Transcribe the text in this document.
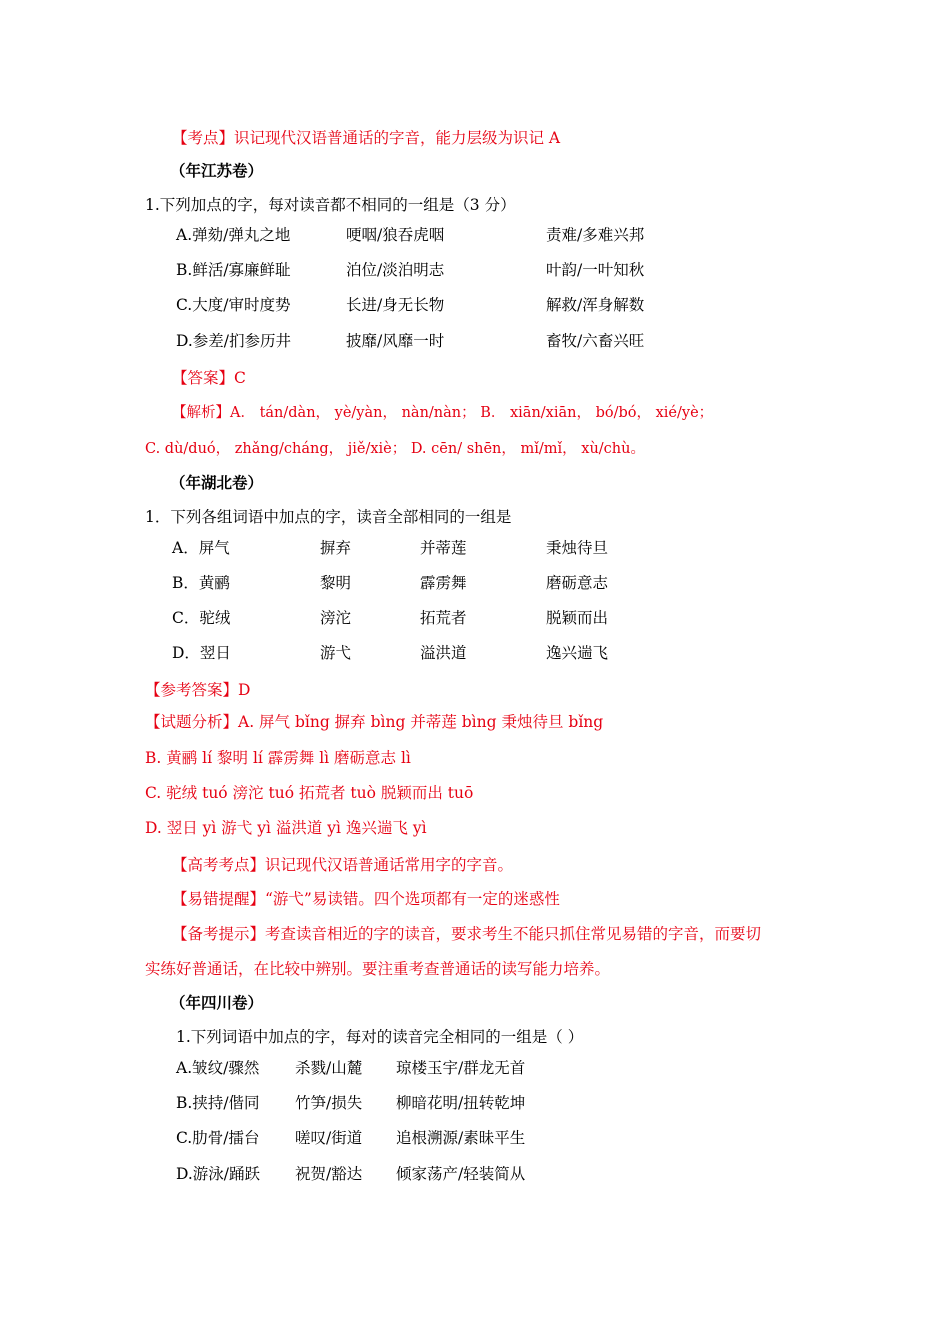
【考点】识记现代汉语普通话的字音，能力层级为识记 A
（年江苏卷）
1.下列加点的字，每对读音都不相同的一组是（3 分）
A.弹劾/弹丸之地	哽咽/狼吞虎咽	责难/多难兴邦
B.鲜活/寡廉鲜耻	泊位/淡泊明志	叶韵/一叶知秋
C.大度/审时度势	长进/身无长物	解救/浑身解数
D.参差/扪参历井	披靡/风靡一时	畜牧/六畜兴旺
【答案】C
【解析】A． tán/dàn， yè/yàn， nàn/nàn； B． xiān/xiān， bó/bó， xié/yè；
C. dù/duó， zhǎng/cháng， jiě/xiè； D. cēn/ shēn， mǐ/mǐ， xù/chù。
（年湖北卷）
1．下列各组词语中加点的字，读音全部相同的一组是
A．屏气	摒弃	并蒂莲	秉烛待旦
B．黄鹂	黎明	霹雳舞	磨砺意志
C．驼绒	滂沱	拓荒者	脱颖而出
D．翌日	游弋	溢洪道	逸兴遄飞
【参考答案】D
【试题分析】A. 屏气 bǐng 摒弃 bìng 并蒂莲 bìng 秉烛待旦 bǐng
B. 黄鹂 lí 黎明 lí 霹雳舞 lì 磨砺意志 lì
C. 驼绒 tuó 滂沱 tuó 拓荒者 tuò 脱颖而出 tuō
D. 翌日 yì 游弋 yì 溢洪道 yì 逸兴遄飞 yì
【高考考点】识记现代汉语普通话常用字的字音。
【易错提醒】“游弋”易读错。四个选项都有一定的迷惑性
【备考提示】考查读音相近的字的读音，要求考生不能只抓住常见易错的字音，而要切
实练好普通话，在比较中辨别。要注重考查普通话的读写能力培养。
（年四川卷）
1.下列词语中加点的字，每对的读音完全相同的一组是（ ）
A.皱纹/骤然 杀戮/山麓 琼楼玉宇/群龙无首
B.挟持/偕同 竹笋/损失 柳暗花明/扭转乾坤
C.肋骨/擂台 嗟叹/街道 追根溯源/素昧平生
D.游泳/踊跃 祝贺/豁达 倾家荡产/轻装简从
